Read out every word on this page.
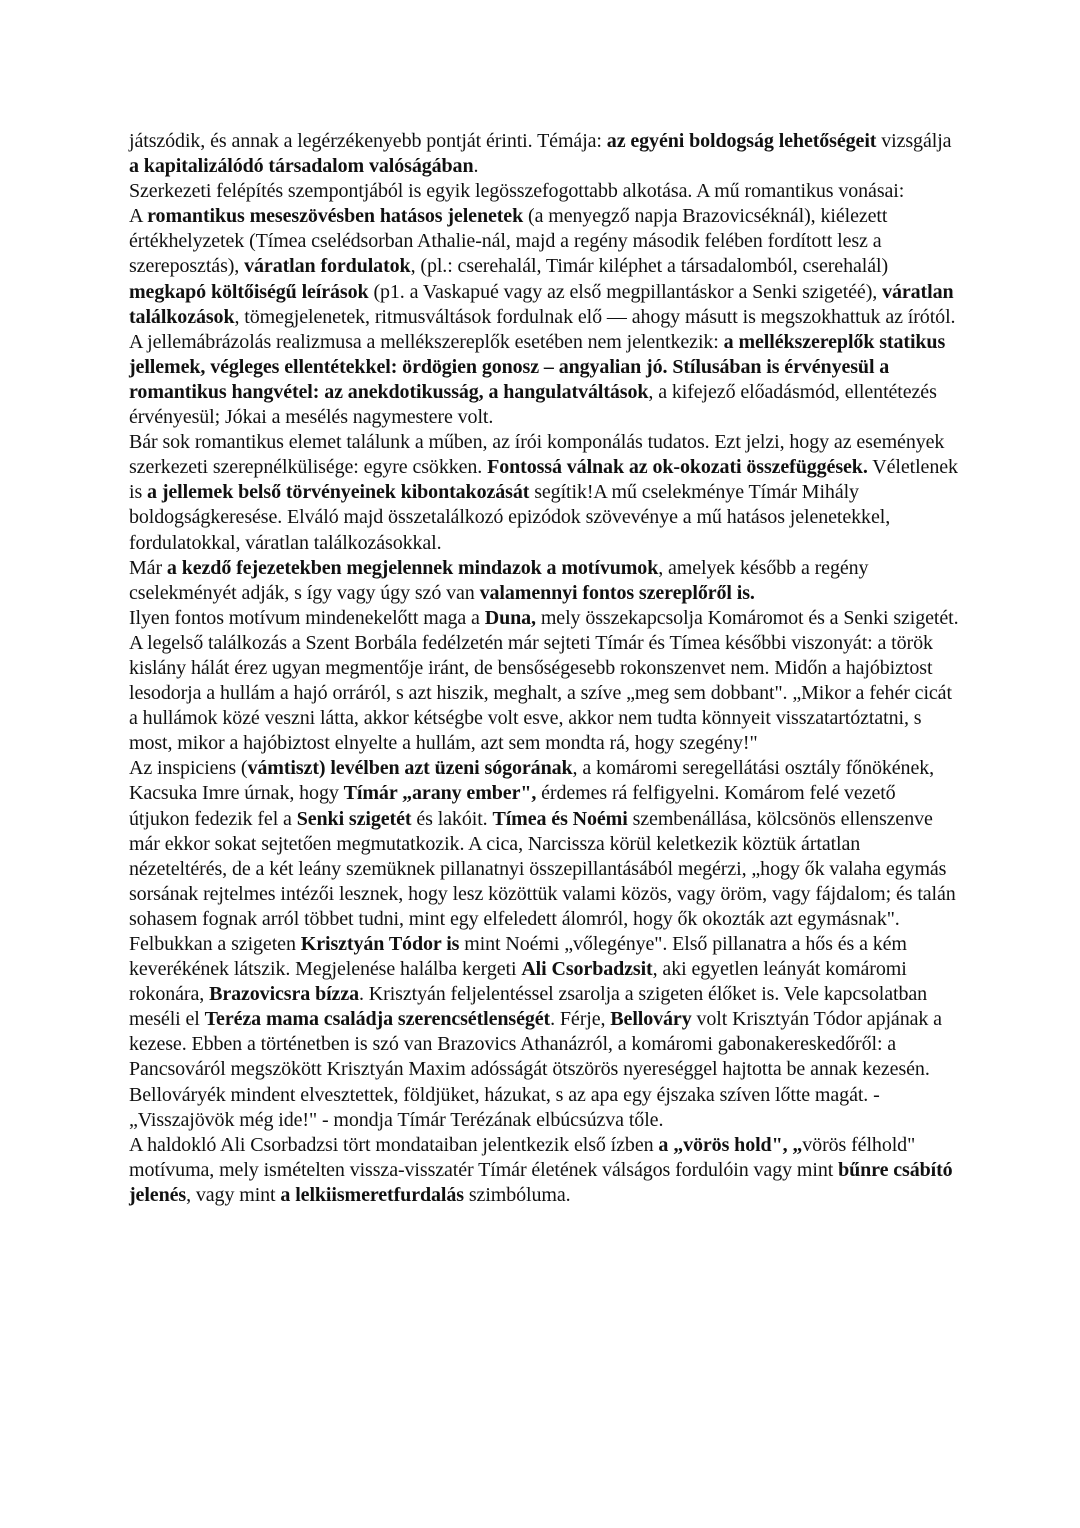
játszódik, és annak a legérzékenyebb pontját érinti. Témája: az egyéni boldogság lehetőségeit vizsgálja a kapitalizálódó társadalom valóságában.

Szerkezeti felépítés szempontjából is egyik legösszefogottabb alkotása. A mű romantikus vonásai:

A romantikus meseszövésben hatásos jelenetek (a menyegző napja Brazovicséknál), kiélezett értékhelyzetek (Tímea cselédsorban Athalie-nál, majd a regény második felében fordított lesz a szereposztás), váratlan fordulatok, (pl.: cserehalál, Timár kiléphet a társadalomból, cserehalál) megkapó költőiségű leírások (p1. a Vaskapué vagy az első megpillantáskor a Senki szigetéé), váratlan találkozások, tömegjelenetek, ritmusváltások fordulnak elő — ahogy másutt is megszokhattuk az írótól. A jellemábrázolás realizmusa a mellékszereplők esetében nem jelentkezik: a mellékszereplők statikus jellemek, végleges ellentétekkel: ördögien gonosz – angyalian jó. Stílusában is érvényesül a romantikus hangvétel: az anekdotikusság, a hangulatváltások, a kifejező előadásmód, ellentétezés érvényesül; Jókai a mesélés nagymestere volt.

Bár sok romantikus elemet találunk a műben, az írói komponálás tudatos. Ezt jelzi, hogy az események szerkezeti szerepnélkülisége: egyre csökken. Fontossá válnak az ok-okozati összefüggések. Véletlenek is a jellemek belső törvényeinek kibontakozását segítik!A mű cselekménye Tímár Mihály boldogságkeresése. Elváló majd összetalálkozó epizódok szövevénye a mű hatásos jelenetekkel, fordulatokkal, váratlan találkozásokkal.

Már a kezdő fejezetekben megjelennek mindazok a motívumok, amelyek később a regény cselekményét adják, s így vagy úgy szó van valamennyi fontos szereplőről is.

Ilyen fontos motívum mindenekelőtt maga a Duna, mely összekapcsolja Komáromot és a Senki szigetét.

A legelső találkozás a Szent Borbála fedélzetén már sejteti Tímár és Tímea későbbi viszonyát: a török kislány hálát érez ugyan megmentője iránt, de bensőségesebb rokonszenvet nem. Midőn a hajóbiztost lesodorja a hullám a hajó orráról, s azt hiszik, meghalt, a szíve „meg sem dobbant". „Mikor a fehér cicát a hullámok közé veszni látta, akkor kétségbe volt esve, akkor nem tudta könnyeit visszatartóztatni, s most, mikor a hajóbiztost elnyelte a hullám, azt sem mondta rá, hogy szegény!"

Az inspiciens (vámtiszt) levélben azt üzeni sógorának, a komáromi seregellátási osztály főnökének, Kacsuka Imre úrnak, hogy Tímár „arany ember", érdemes rá felfigyelni. Komárom felé vezető útjukon fedezik fel a Senki szigetét és lakóit. Tímea és Noémi szembenállása, kölcsönös ellenszenve már ekkor sokat sejtetően megmutatkozik. A cica, Narcissza körül keletkezik köztük ártatlan nézeteltérés, de a két leány szemüknek pillanatnyi összepillantásából megérzi, „hogy ők valaha egymás sorsának rejtelmes intézői lesznek, hogy lesz közöttük valami közös, vagy öröm, vagy fájdalom; és talán sohasem fognak arról többet tudni, mint egy elfeledett álomról, hogy ők okozták azt egymásnak".

Felbukkan a szigeten Krisztyán Tódor is mint Noémi „vőlegénye". Első pillanatra a hős és a kém keverékének látszik. Megjelenése halálba kergeti Ali Csorbadzsit, aki egyetlen leányát komáromi rokonára, Brazovicsra bízza. Krisztyán feljelentéssel zsarolja a szigeten élőket is. Vele kapcsolatban meséli el Teréza mama családja szerencsétlenségét. Férje, Bellováry volt Krisztyán Tódor apjának a kezese. Ebben a történetben is szó van Brazovics Athanázról, a komáromi gabonakereskedőről: a Pancsováról megszökött Krisztyán Maxim adósságát ötszörös nyereséggel hajtotta be annak kezesén. Bellováryék mindent elvesztettek, földjüket, házukat, s az apa egy éjszaka szíven lőtte magát. - „Visszajövök még ide!" - mondja Tímár Terézának elbúcsúzva tőle.

A haldokló Ali Csorbadzsi tört mondataiban jelentkezik első ízben a „vörös hold", „vörös félhold" motívuma, mely ismételten vissza-visszatér Tímár életének válságos fordulóin vagy mint bűnre csábító jelenés, vagy mint a lelkiismeretfurdalás szimbóluma.
